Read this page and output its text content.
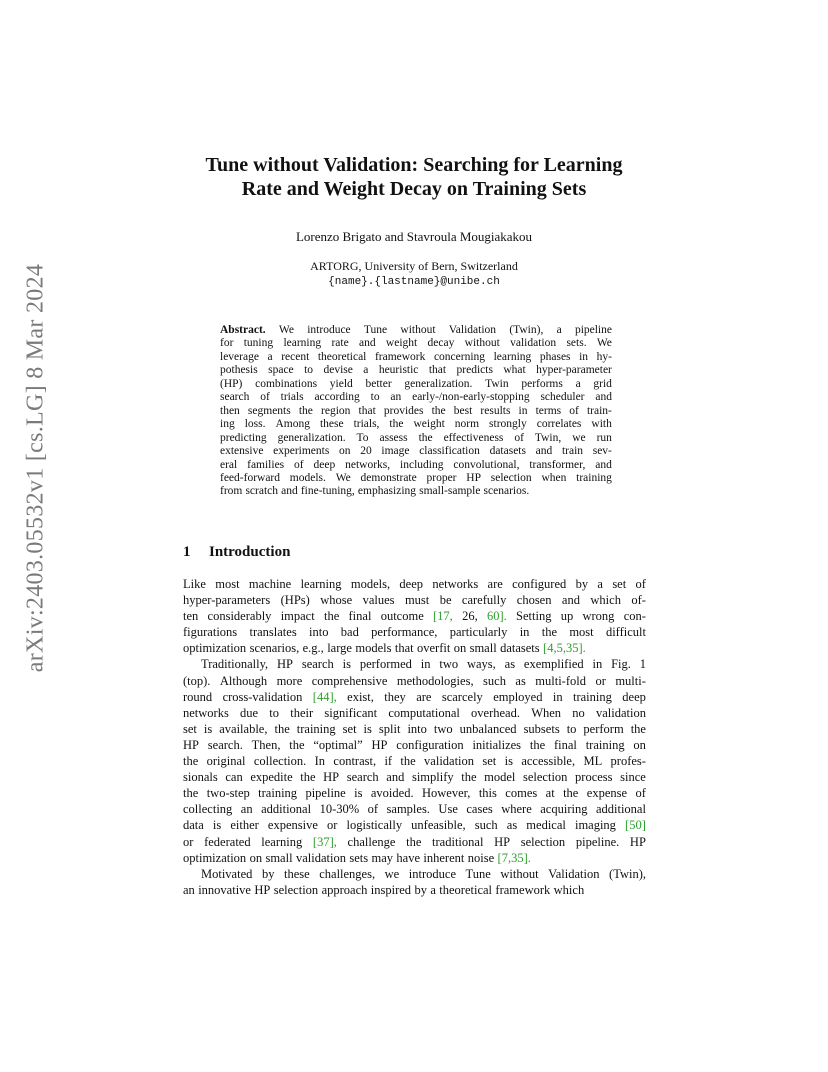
arXiv:2403.05532v1 [cs.LG] 8 Mar 2024
Tune without Validation: Searching for Learning
Rate and Weight Decay on Training Sets
Lorenzo Brigato and Stavroula Mougiakakou
ARTORG, University of Bern, Switzerland
{name}.{lastname}@unibe.ch
Abstract. We introduce Tune without Validation (Twin), a pipeline
for tuning learning rate and weight decay without validation sets. We
leverage a recent theoretical framework concerning learning phases in hy-
pothesis space to devise a heuristic that predicts what hyper-parameter
(HP) combinations yield better generalization. Twin performs a grid
search of trials according to an early-/non-early-stopping scheduler and
then segments the region that provides the best results in terms of train-
ing loss. Among these trials, the weight norm strongly correlates with
predicting generalization. To assess the effectiveness of Twin, we run
extensive experiments on 20 image classification datasets and train sev-
eral families of deep networks, including convolutional, transformer, and
feed-forward models. We demonstrate proper HP selection when training
from scratch and fine-tuning, emphasizing small-sample scenarios.
1 Introduction
Like most machine learning models, deep networks are configured by a set of
hyper-parameters (HPs) whose values must be carefully chosen and which of-
ten considerably impact the final outcome [17, 26, 60]. Setting up wrong con-
figurations translates into bad performance, particularly in the most difficult
optimization scenarios, e.g., large models that overfit on small datasets [4,5,35].
Traditionally, HP search is performed in two ways, as exemplified in Fig. 1
(top). Although more comprehensive methodologies, such as multi-fold or multi-
round cross-validation [44], exist, they are scarcely employed in training deep
networks due to their significant computational overhead. When no validation
set is available, the training set is split into two unbalanced subsets to perform the
HP search. Then, the “optimal” HP configuration initializes the final training on
the original collection. In contrast, if the validation set is accessible, ML profes-
sionals can expedite the HP search and simplify the model selection process since
the two-step training pipeline is avoided. However, this comes at the expense of
collecting an additional 10-30% of samples. Use cases where acquiring additional
data is either expensive or logistically unfeasible, such as medical imaging [50]
or federated learning [37], challenge the traditional HP selection pipeline. HP
optimization on small validation sets may have inherent noise [7,35].
Motivated by these challenges, we introduce Tune without Validation (Twin),
an innovative HP selection approach inspired by a theoretical framework which
